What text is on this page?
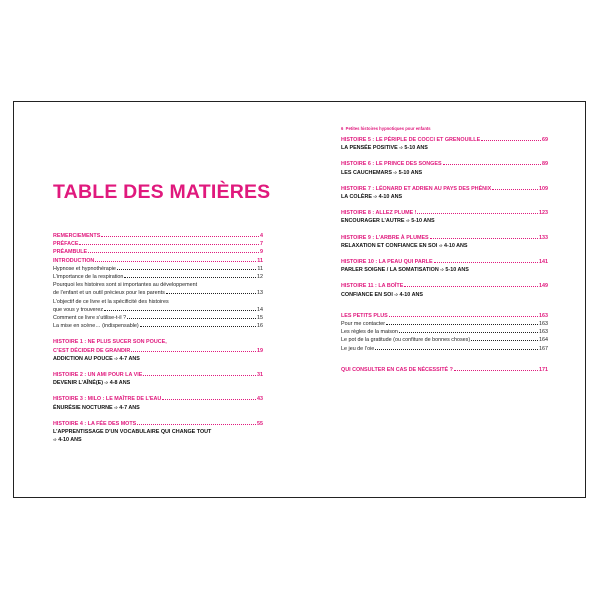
6 Petites histoires hypnotiques pour enfants
TABLE DES MATIÈRES
REMERCIEMENTS	4
PRÉFACE	7
PRÉAMBULE	9
INTRODUCTION	11
Hypnose et hypnothérapie	11
L’importance de la respiration	12
Pourquoi les histoires sont si importantes au développement
de l’enfant et un outil précieux pour les parents	13
L’objectif de ce livre et la spécificité des histoires
que vous y trouverez	14
Comment ce livre s’utilise-t-il ?	15
La mise en scène… (indispensable)	16
HISTOIRE 1 : NE PLUS SUCER SON POUCE,
C’EST DÉCIDER DE GRANDIR	19
ADDICTION AU POUCE
➩
4-7 ANS
HISTOIRE 2 : UN AMI POUR LA VIE	31
DEVENIR L’AÎNÉ(E)
➩
4-8 ANS
HISTOIRE 3 : MILO : LE MAÎTRE DE L’EAU	43
ÉNURÉSIE NOCTURNE
➩
4-7 ANS
HISTOIRE 4 : LA FÉE DES MOTS	55
L’APPRENTISSAGE D’UN VOCABULAIRE QUI CHANGE TOUT
➩
4-10 ANS
HISTOIRE 5 : LE PÉRIPLE DE COCCI ET GRENOUILLE	69
LA PENSÉE POSITIVE
➩
5-10 ANS
HISTOIRE 6 : LE PRINCE DES SONGES	89
LES CAUCHEMARS
➩
5-10 ANS
HISTOIRE 7 : LÉONARD ET ADRIEN AU PAYS DES PHÉNIX	109
LA COLÈRE
➩
4-10 ANS
HISTOIRE 8 : ALLEZ PLUME !	123
ENCOURAGER L’AUTRE
➩
5-10 ANS
HISTOIRE 9 : L’ARBRE À PLUMES	133
RELAXATION ET CONFIANCE EN SOI
➩
4-10 ANS
HISTOIRE 10 : LA PEAU QUI PARLE	141
PARLER SOIGNE / LA SOMATISATION
➩
5-10 ANS
HISTOIRE 11 : LA BOÎTE	149
CONFIANCE EN SOI
➩
4-10 ANS
LES PETITS PLUS	163
Pour me contacter	163
Les règles de la maison	163
Le pot de la gratitude (ou confiture de bonnes choses)	164
Le jeu de l’oie	167
QUI CONSULTER EN CAS DE NÉCESSITÉ ?	171
